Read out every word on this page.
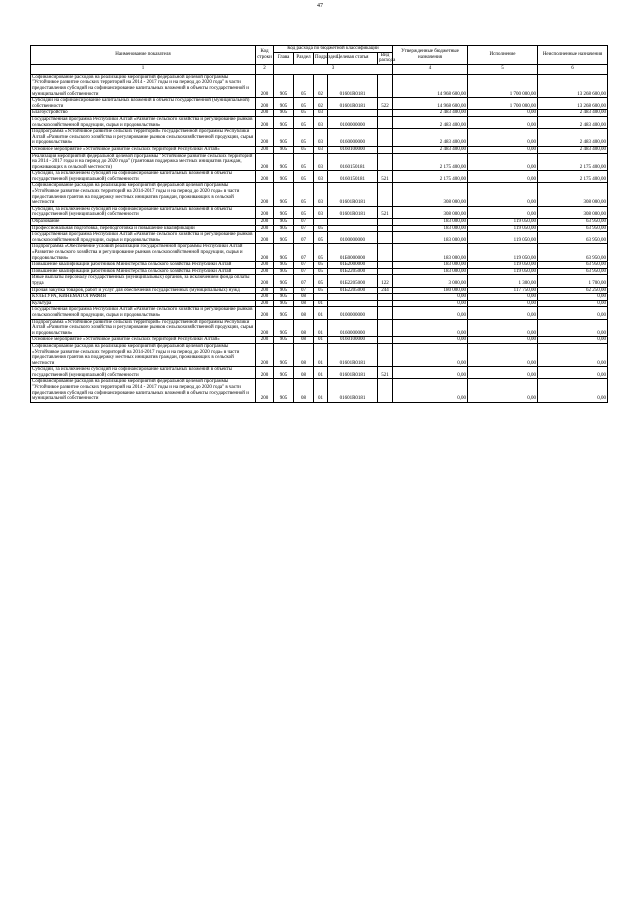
47
Наименование показателя	Код строки	Код расхода по бюджетной классификации					Утвержденные бюджетные назначения	Исполнение	Неисполненные назначения
		Глава	Раздел	Подраздел	Целевая статья	Вид расхода			
1	2	3					4	5	6
Софинансирование расходов на реализацию мероприятий федеральной целевой программы "Устойчивое развитие сельских территорий на 2014 - 2017 годы и на период до 2020 года" в части предоставления субсидий на софинансирование капитальных вложений в объекты государственной и муниципальной собственности	200	905	05	02	01601R0181		14 968 600,00	1 700 000,00	13 268 600,00
Субсидии на софинансирование капитальных вложений в объекты государственной (муниципальной) собственности	200	905	05	02	01601R0181	522	14 968 600,00	1 700 000,00	13 268 600,00
Благоустройство	200	905	05	03			2 483 400,00	0,00	2 483 400,00
Государственная программа Республики Алтай «Развитие сельского хозяйства и регулирование рынков сельскохозяйственной продукции, сырья и продовольствия»	200	905	05	03	0100000000		2 483 400,00	0,00	2 483 400,00
Подпрограмма «Устойчивое развитие сельских территорий» государственной программы Республики Алтай «Развитие сельского хозяйства и регулирование рынков сельскохозяйственной продукции, сырья и продовольствия»	200	905	05	03	0160000000		2 483 400,00	0,00	2 483 400,00
Основное мероприятие «Устойчивое развитие сельских территорий Республики Алтай»	200	905	05	03	0160100000		2 483 400,00	0,00	2 483 400,00
Реализация мероприятий федеральной целевой программы "Устойчивое развитие сельских территорий на 2014 - 2017 годы и на период до 2020 года" (грантовая поддержка местных инициатив граждан, проживающих в сельской местности)	200	905	05	03	0160150181		2 175 400,00	0,00	2 175 400,00
Субсидии, за исключением субсидий на софинансирование капитальных вложений в объекты государственной (муниципальной) собственности	200	905	05	03	0160150181	521	2 175 400,00	0,00	2 175 400,00
Софинансирование расходов на реализацию мероприятий федеральной целевой программы «Устойчивое развитие сельских территорий на 2014-2017 годы и на период до 2020 года» в части предоставления грантов на поддержку местных инициатив граждан, проживающих в сельской местности	200	905	05	03	01601R0181		308 000,00	0,00	308 000,00
Субсидии, за исключением субсидий на софинансирование капитальных вложений в объекты государственной (муниципальной) собственности	200	905	05	03	01601R0181	521	308 000,00	0,00	308 000,00
Образование	200	905	07				183 000,00	119 050,00	63 950,00
Профессиональная подготовка, переподготовка и повышение квалификации	200	905	07	05			183 000,00	119 050,00	63 950,00
Государственная программа Республики Алтай «Развитие сельского хозяйства и регулирование рынков сельскохозяйственной продукции, сырья и продовольствия»	200	905	07	05	0100000000		183 000,00	119 050,00	63 950,00
Подпрограмма «Обеспечение условий реализации государственной программы Республики Алтай «Развитие сельского хозяйства и регулирование рынков сельскохозяйственной продукции, сырья и продовольствия»	200	905	07	05	01Б0000000		183 000,00	119 050,00	63 950,00
Повышение квалификации работников Министерства сельского хозяйства Республики Алтай	200	905	07	05	01Б2000000		183 000,00	119 050,00	63 950,00
Повышение квалификации работников Министерства сельского хозяйства Республики Алтай	200	905	07	05	01Б2205000		183 000,00	119 050,00	63 950,00
Иные выплаты персоналу государственных (муниципальных) органов, за исключением фонда оплаты труда	200	905	07	05	01Б2205000	122	3 000,00	1 300,00	1 700,00
Прочая закупка товаров, работ и услуг для обеспечения государственных (муниципальных) нужд	200	905	07	05	01Б2205000	244	180 000,00	117 750,00	62 250,00
КУЛЬТУРА, КИНЕМАТОГРАФИЯ	200	905	08				0,00	0,00	0,00
Культура	200	905	08	01			0,00	0,00	0,00
Государственная программа Республики Алтай «Развитие сельского хозяйства и регулирование рынков сельскохозяйственной продукции, сырья и продовольствия»	200	905	08	01	0100000000		0,00	0,00	0,00
Подпрограмма «Устойчивое развитие сельских территорий» государственной программы Республики Алтай «Развитие сельского хозяйства и регулирование рынков сельскохозяйственной продукции, сырья и продовольствия»	200	905	08	01	0160000000		0,00	0,00	0,00
Основное мероприятие «Устойчивое развитие сельских территорий Республики Алтай»	200	905	08	01	0160100000		0,00	0,00	0,00
Софинансирование расходов на реализацию мероприятий федеральной целевой программы «Устойчивое развитие сельских территорий на 2014-2017 годы и на период до 2020 года» в части предоставления грантов на поддержку местных инициатив граждан, проживающих в сельской местности	200	905	08	01	01601R0181		0,00	0,00	0,00
Субсидии, за исключением субсидий на софинансирование капитальных вложений в объекты государственной (муниципальной) собственности	200	905	08	01	01601R0181	521	0,00	0,00	0,00
Софинансирование расходов на реализацию мероприятий федеральной целевой программы "Устойчивое развитие сельских территорий на 2014 - 2017 годы и на период до 2020 года" в части предоставления субсидий на софинансирование капитальных вложений в объекты государственной и муниципальной собственности	200	905	08	01	01601R0181		0,00	0,00	0,00
